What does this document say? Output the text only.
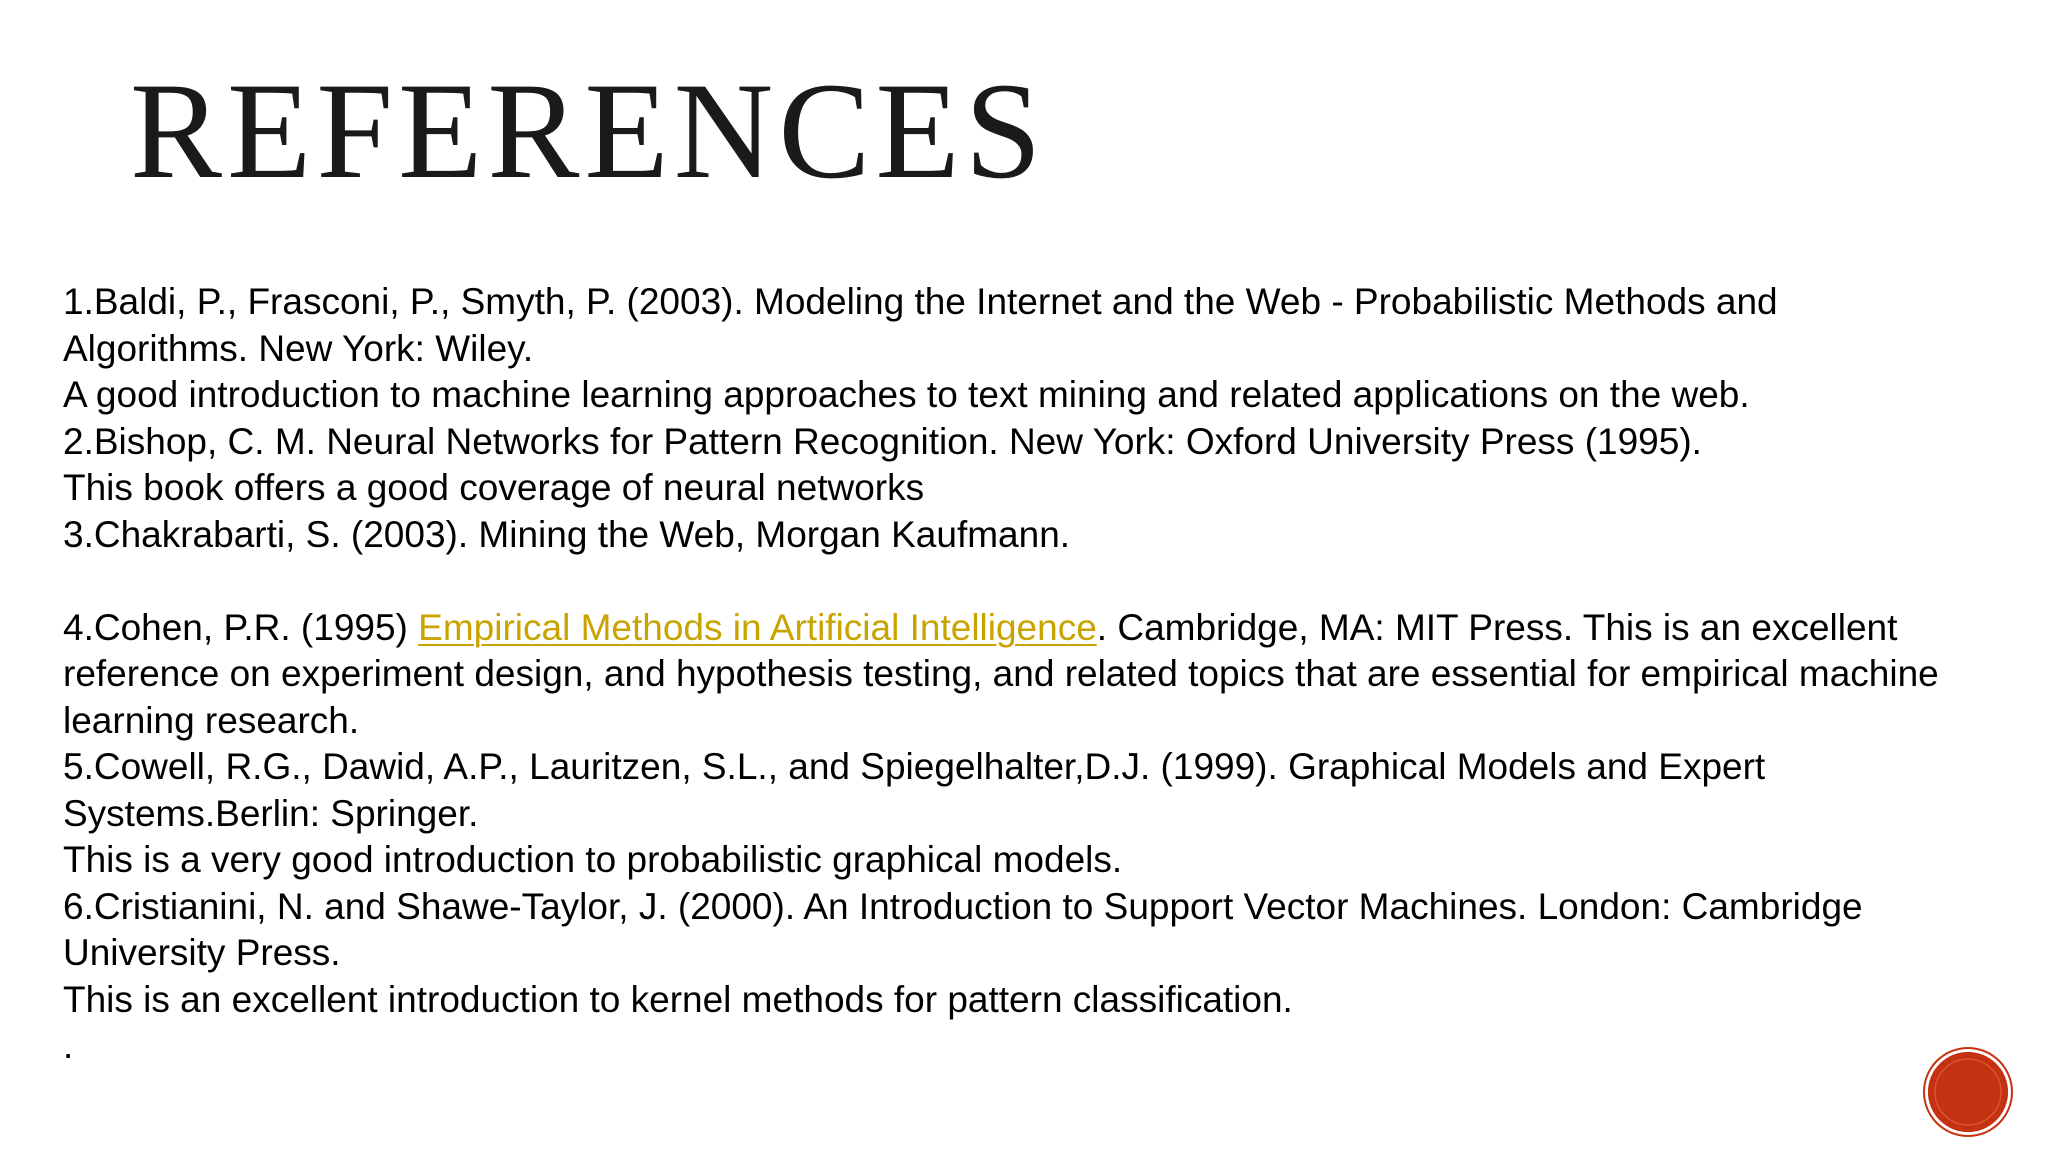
REFERENCES

1.Baldi, P., Frasconi, P., Smyth, P. (2003). Modeling the Internet and the Web - Probabilistic Methods and

Algorithms. New York: Wiley.

A good introduction to machine learning approaches to text mining and related applications on the web.

2.Bishop, C. M. Neural Networks for Pattern Recognition. New York: Oxford University Press (1995).

This book offers a good coverage of neural networks

3.Chakrabarti, S. (2003). Mining the Web, Morgan Kaufmann.

4.Cohen, P.R. (1995) Empirical Methods in Artificial Intelligence. Cambridge, MA: MIT Press. This is an excellent

reference on experiment design, and hypothesis testing, and related topics that are essential for empirical machine

learning research.

5.Cowell, R.G., Dawid, A.P., Lauritzen, S.L., and Spiegelhalter,D.J. (1999). Graphical Models and Expert

Systems.Berlin: Springer.

This is a very good introduction to probabilistic graphical models.

6.Cristianini, N. and Shawe-Taylor, J. (2000). An Introduction to Support Vector Machines. London: Cambridge

University Press.

This is an excellent introduction to kernel methods for pattern classification.

.
